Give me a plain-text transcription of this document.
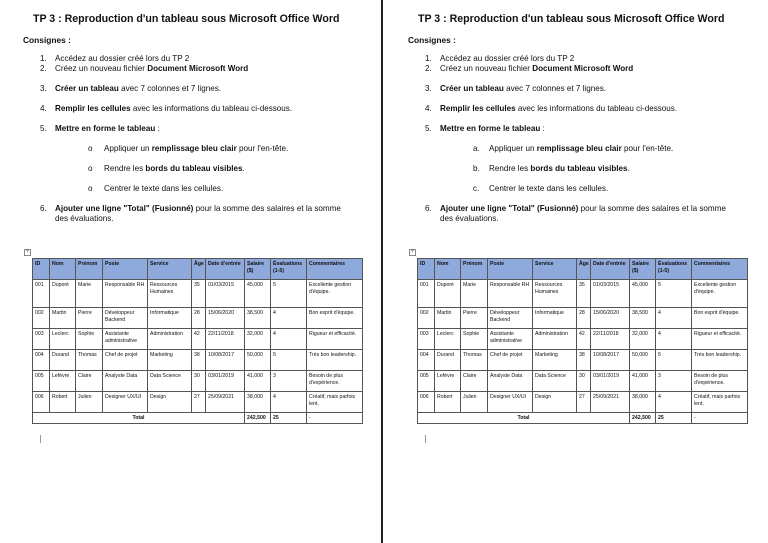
TP 3 : Reproduction d'un tableau sous Microsoft Office Word
Consignes :
1. Accédez au dossier créé lors du TP 2
2. Créez un nouveau fichier Document Microsoft Word
3. Créer un tableau avec 7 colonnes et 7 lignes.
4. Remplir les cellules avec les informations du tableau ci-dessous.
5. Mettre en forme le tableau :
o Appliquer un remplissage bleu clair pour l'en-tête.
o Rendre les bords du tableau visibles.
o Centrer le texte dans les cellules.
6. Ajouter une ligne "Total" (Fusionné) pour la somme des salaires et la somme des évaluations.
+
ID	Nom	Prénom	Poste	Service	Âge	Date d'entrée	Salaire ($)	Évaluations (1-5)	Commentaires
001	Dupont	Marie	Responsable RH	Ressources Humaines	35	01/03/2015	45,000	5	Excellente gestion d'équipe.
002	Martin	Pierre	Développeur Backend	Informatique	28	15/06/2020	38,500	4	Bon esprit d'équipe.
003	Leclerc	Sophie	Assistante administrative	Administration	42	22/11/2018	32,000	4	Rigueur et efficacité.
004	Durand	Thomas	Chef de projet	Marketing	38	10/08/2017	50,000	5	Très bon leadership.
005	Lefèvre	Claire	Analyste Data	Data Science	30	03/01/2019	41,000	3	Besoin de plus d'expérience.
006	Robert	Julien	Designer UX/UI	Design	27	25/09/2021	38,000	4	Créatif, mais parfois lent.
Total							242,500	25	-
TP 3 : Reproduction d'un tableau sous Microsoft Office Word
Consignes :
1. Accédez au dossier créé lors du TP 2
2. Créez un nouveau fichier Document Microsoft Word
3. Créer un tableau avec 7 colonnes et 7 lignes.
4. Remplir les cellules avec les informations du tableau ci-dessous.
5. Mettre en forme le tableau :
a. Appliquer un remplissage bleu clair pour l'en-tête.
b. Rendre les bords du tableau visibles.
c. Centrer le texte dans les cellules.
6. Ajouter une ligne "Total" (Fusionné) pour la somme des salaires et la somme des évaluations.
+
ID	Nom	Prénom	Poste	Service	Âge	Date d'entrée	Salaire ($)	Évaluations (1-5)	Commentaires
001	Dupont	Marie	Responsable RH	Ressources Humaines	35	01/03/2015	45,000	5	Excellente gestion d'équipe.
002	Martin	Pierre	Développeur Backend	Informatique	28	15/06/2020	38,500	4	Bon esprit d'équipe.
003	Leclerc	Sophie	Assistante administrative	Administration	42	22/11/2018	32,000	4	Rigueur et efficacité.
004	Durand	Thomas	Chef de projet	Marketing	38	10/08/2017	50,000	5	Très bon leadership.
005	Lefèvre	Claire	Analyste Data	Data Science	30	03/01/2019	41,000	3	Besoin de plus d'expérience.
006	Robert	Julien	Designer UX/UI	Design	27	25/09/2021	38,000	4	Créatif, mais parfois lent.
Total							242,500	25	-
